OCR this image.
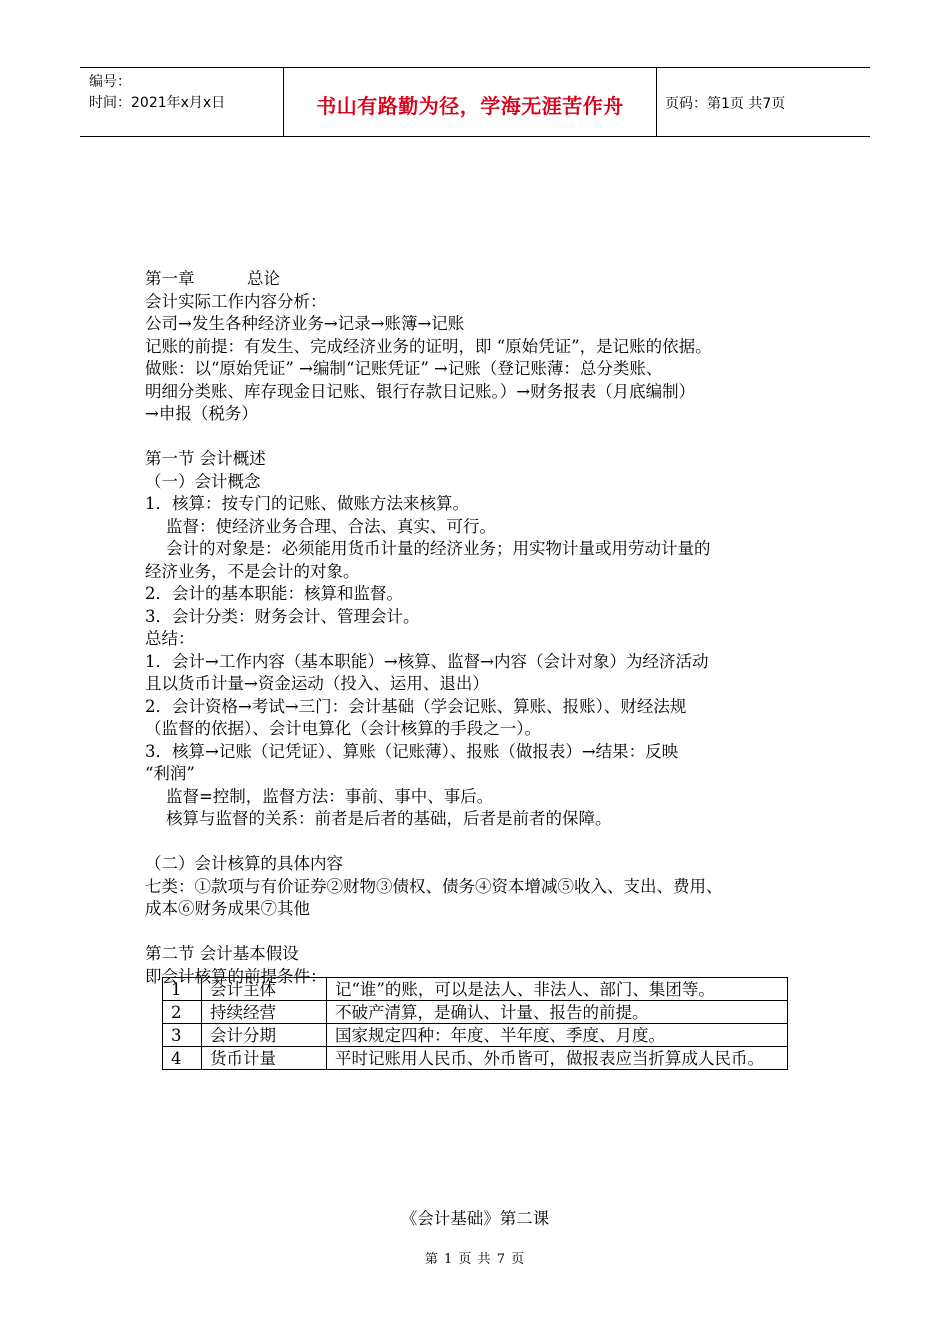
编号：
时间：2021年x月x日	书山有路勤为径，学海无涯苦作舟	页码：第1页 共7页

第一章          总论

会计实际工作内容分析：

公司→发生各种经济业务→记录→账簿→记账

记账的前提：有发生、完成经济业务的证明，即 “原始凭证”，是记账的依据。

做账：以“原始凭证” →编制“记账凭证” →记账（登记账薄：总分类账、

明细分类账、库存现金日记账、银行存款日记账。）→财务报表（月底编制）

→申报（税务）

第一节 会计概述

（一）会计概念

1．核算：按专门的记账、做账方法来核算。

监督：使经济业务合理、合法、真实、可行。

会计的对象是：必须能用货币计量的经济业务；用实物计量或用劳动计量的

经济业务，不是会计的对象。

2．会计的基本职能：核算和监督。

3．会计分类：财务会计、管理会计。

总结：

1．会计→工作内容（基本职能）→核算、监督→内容（会计对象）为经济活动

且以货币计量→资金运动（投入、运用、退出）

2．会计资格→考试→三门：会计基础（学会记账、算账、报账）、财经法规

（监督的依据）、会计电算化（会计核算的手段之一）。

3．核算→记账（记凭证）、算账（记账薄）、报账（做报表）→结果：反映

“利润”

监督=控制，监督方法：事前、事中、事后。

核算与监督的关系：前者是后者的基础，后者是前者的保障。

（二）会计核算的具体内容

七类：①款项与有价证券②财物③债权、债务④资本增减⑤收入、支出、费用、

成本⑥财务成果⑦其他

第二节 会计基本假设

即会计核算的前提条件：

1	会计主体	记“谁”的账，可以是法人、非法人、部门、集团等。
2	持续经营	不破产清算，是确认、计量、报告的前提。
3	会计分期	国家规定四种：年度、半年度、季度、月度。
4	货币计量	平时记账用人民币、外币皆可，做报表应当折算成人民币。
《会计基础》第二课
第 1 页 共 7 页
